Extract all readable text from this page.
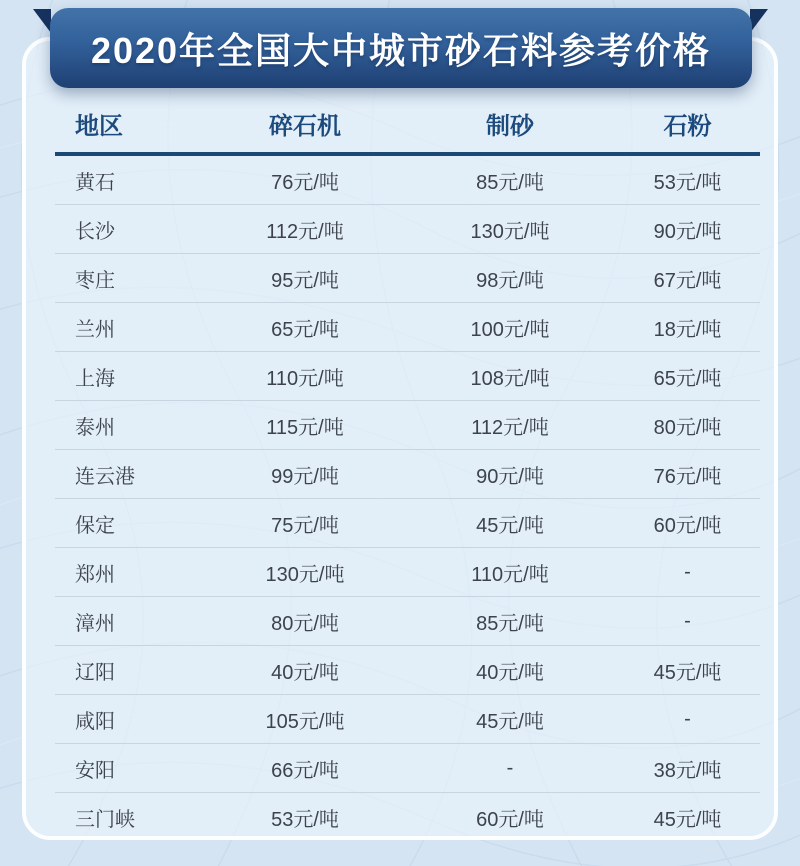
地区	碎石机	制砂	石粉
黄石	76元/吨	85元/吨	53元/吨
长沙	112元/吨	130元/吨	90元/吨
枣庄	95元/吨	98元/吨	67元/吨
兰州	65元/吨	100元/吨	18元/吨
上海	110元/吨	108元/吨	65元/吨
泰州	115元/吨	112元/吨	80元/吨
连云港	99元/吨	90元/吨	76元/吨
保定	75元/吨	45元/吨	60元/吨
郑州	130元/吨	110元/吨	-
漳州	80元/吨	85元/吨	-
辽阳	40元/吨	40元/吨	45元/吨
咸阳	105元/吨	45元/吨	-
安阳	66元/吨	-	38元/吨
三门峡	53元/吨	60元/吨	45元/吨
2020年全国大中城市砂石料参考价格
